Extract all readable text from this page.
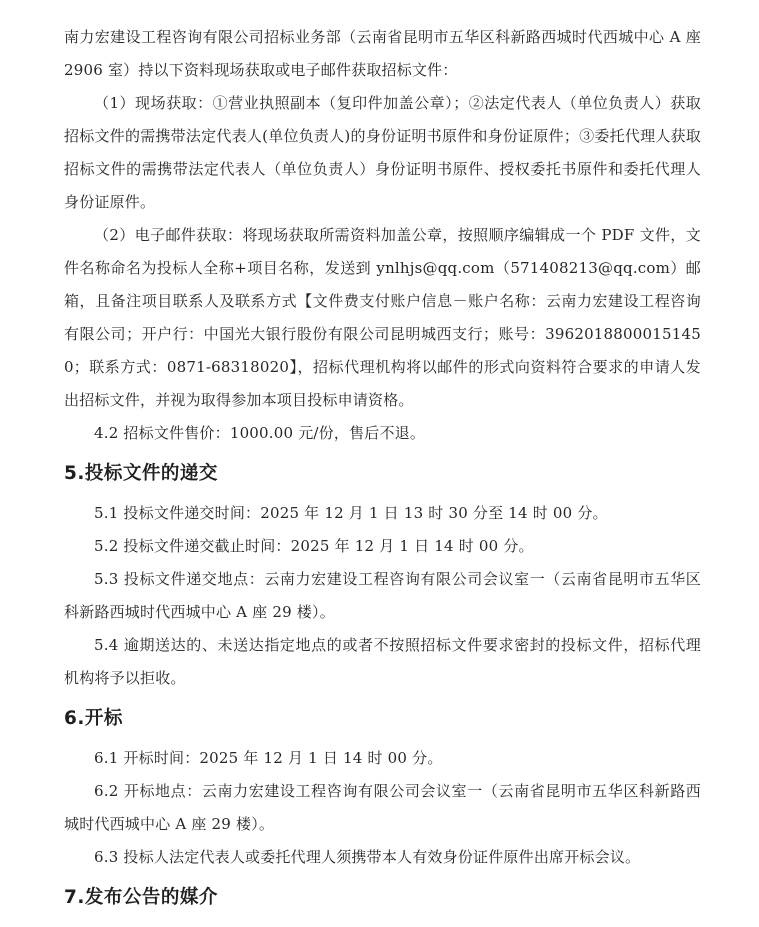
南力宏建设工程咨询有限公司招标业务部（云南省昆明市五华区科新路西城时代西城中心 A 座 2906 室）持以下资料现场获取或电子邮件获取招标文件：

（1）现场获取：①营业执照副本（复印件加盖公章）；②法定代表人（单位负责人）获取招标文件的需携带法定代表人(单位负责人)的身份证明书原件和身份证原件；③委托代理人获取招标文件的需携带法定代表人（单位负责人）身份证明书原件、授权委托书原件和委托代理人身份证原件。

（2）电子邮件获取：将现场获取所需资料加盖公章，按照顺序编辑成一个 PDF 文件，文件名称命名为投标人全称+项目名称，发送到 ynlhjs@qq.com（571408213@qq.com）邮箱，且备注项目联系人及联系方式【文件费支付账户信息－账户名称：云南力宏建设工程咨询有限公司；开户行：中国光大银行股份有限公司昆明城西支行；账号：39620188000151450；联系方式：0871-68318020】，招标代理机构将以邮件的形式向资料符合要求的申请人发出招标文件，并视为取得参加本项目投标申请资格。

4.2 招标文件售价：1000.00 元/份，售后不退。

5.投标文件的递交

5.1 投标文件递交时间：2025 年 12 月 1 日 13 时 30 分至 14 时 00 分。

5.2 投标文件递交截止时间：2025 年 12 月 1 日 14 时 00 分。

5.3 投标文件递交地点：云南力宏建设工程咨询有限公司会议室一（云南省昆明市五华区科新路西城时代西城中心 A 座 29 楼）。

5.4 逾期送达的、未送达指定地点的或者不按照招标文件要求密封的投标文件，招标代理机构将予以拒收。

6.开标

6.1 开标时间：2025 年 12 月 1 日 14 时 00 分。

6.2 开标地点：云南力宏建设工程咨询有限公司会议室一（云南省昆明市五华区科新路西城时代西城中心 A 座 29 楼）。

6.3 投标人法定代表人或委托代理人须携带本人有效身份证件原件出席开标会议。

7.发布公告的媒介
